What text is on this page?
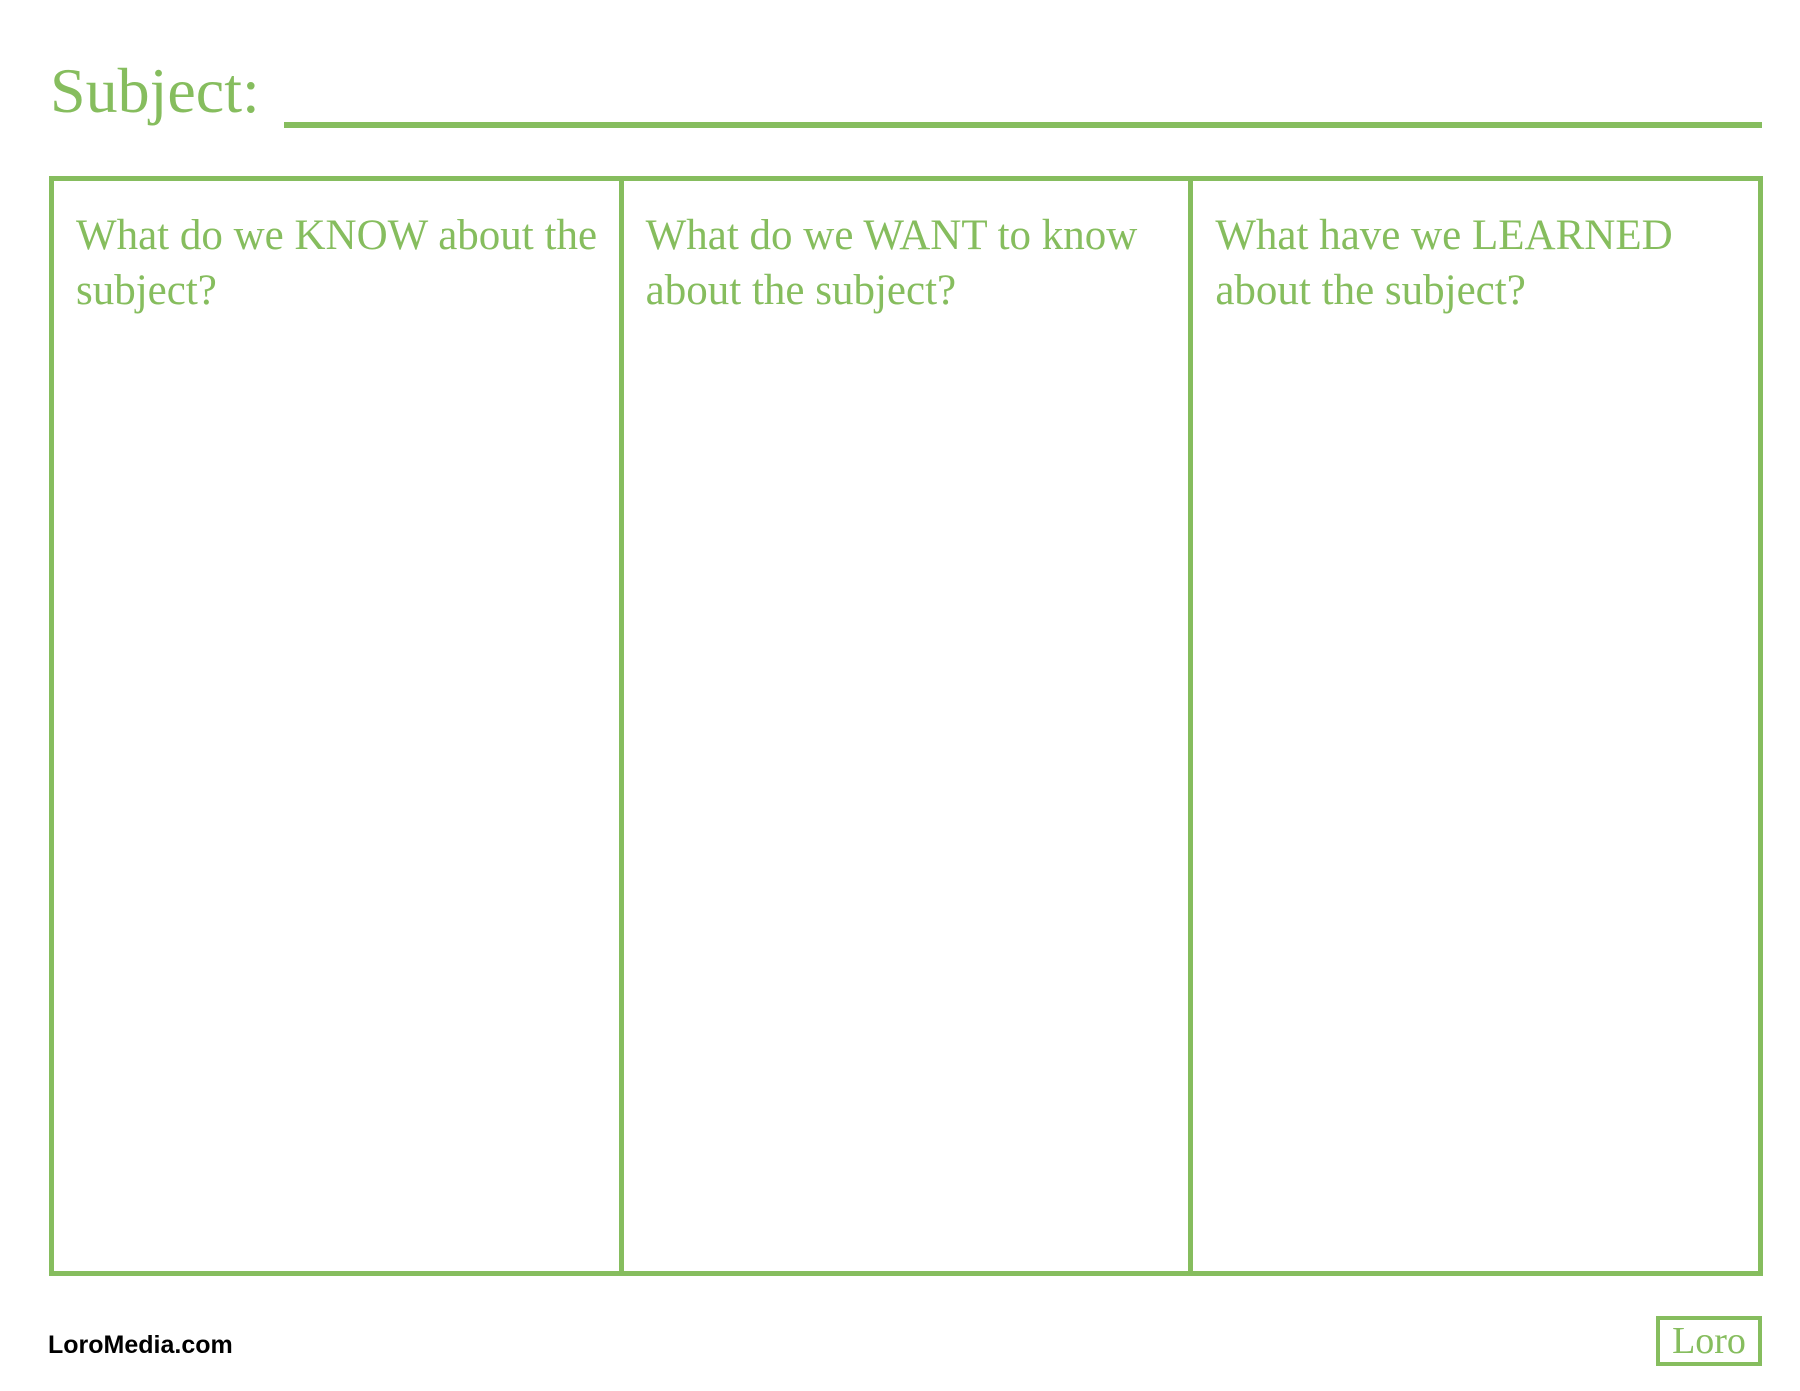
Subject:
What do we KNOW about the subject?
What do we WANT to know about the subject?
What have we LEARNED about the subject?
LoroMedia.com	Loro
